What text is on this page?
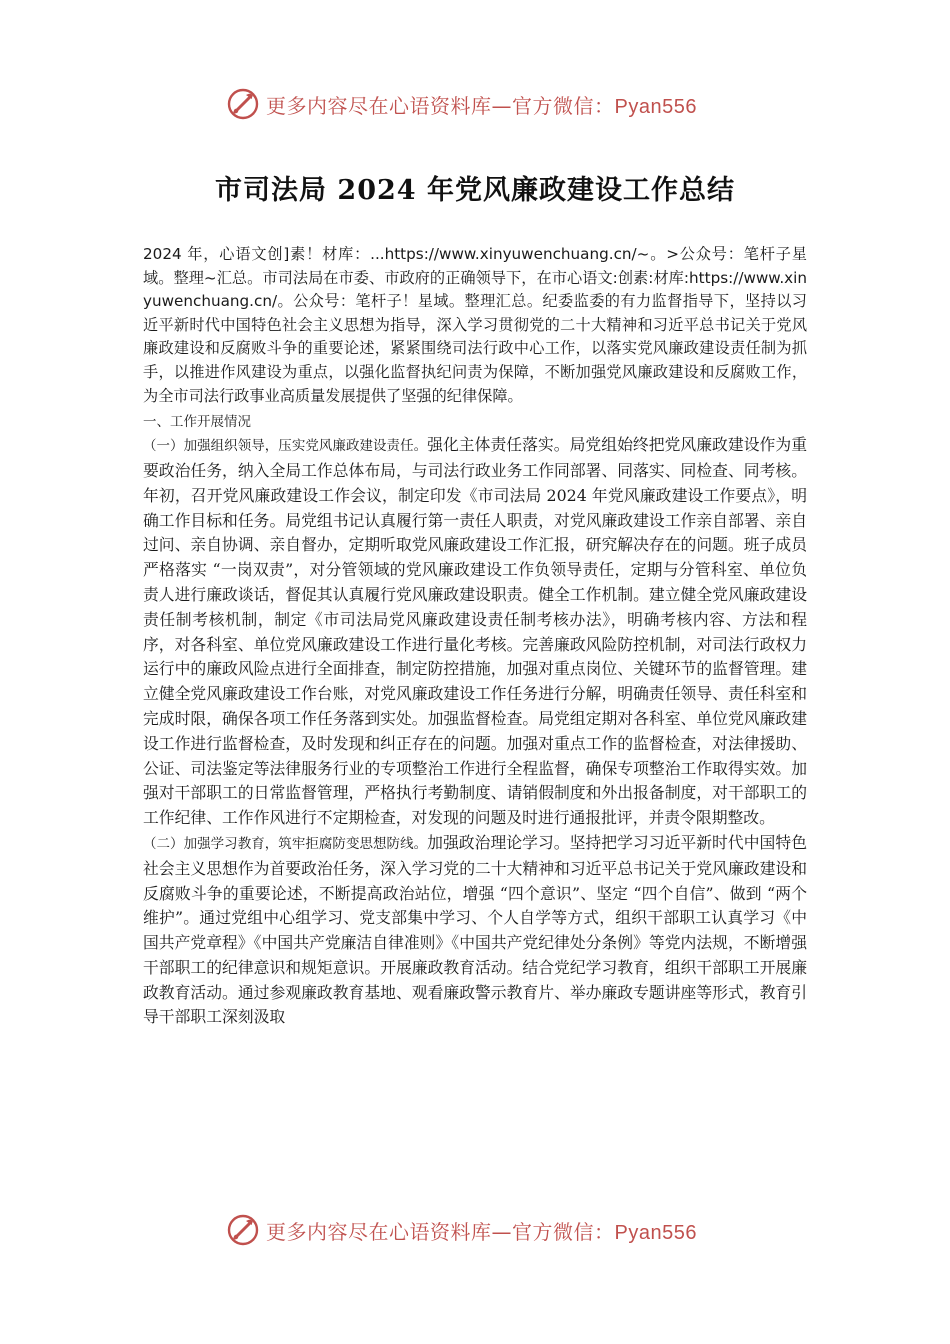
更多内容尽在心语资料库—官方微信：Pyan556
市司法局 2024 年党风廉政建设工作总结

2024 年，心语文创]素！材库：...https://www.xinyuwenchuang.cn/~。>公众号：笔杆子星域。整理~汇总。市司法局在市委、市政府的正确领导下，在市心语文:创素:材库:https://www.xinyuwenchuang.cn/。公众号：笔杆子！星域。整理汇总。纪委监委的有力监督指导下，坚持以习近平新时代中国特色社会主义思想为指导，深入学习贯彻党的二十大精神和习近平总书记关于党风廉政建设和反腐败斗争的重要论述，紧紧围绕司法行政中心工作，以落实党风廉政建设责任制为抓手，以推进作风建设为重点，以强化监督执纪问责为保障，不断加强党风廉政建设和反腐败工作，为全市司法行政事业高质量发展提供了坚强的纪律保障。

一、工作开展情况

（一）加强组织领导，压实党风廉政建设责任。强化主体责任落实。局党组始终把党风廉政建设作为重要政治任务，纳入全局工作总体布局，与司法行政业务工作同部署、同落实、同检查、同考核。年初，召开党风廉政建设工作会议，制定印发《市司法局 2024 年党风廉政建设工作要点》，明确工作目标和任务。局党组书记认真履行第一责任人职责，对党风廉政建设工作亲自部署、亲自过问、亲自协调、亲自督办，定期听取党风廉政建设工作汇报，研究解决存在的问题。班子成员严格落实 “一岗双责”，对分管领域的党风廉政建设工作负领导责任，定期与分管科室、单位负责人进行廉政谈话，督促其认真履行党风廉政建设职责。健全工作机制。建立健全党风廉政建设责任制考核机制，制定《市司法局党风廉政建设责任制考核办法》，明确考核内容、方法和程序，对各科室、单位党风廉政建设工作进行量化考核。完善廉政风险防控机制，对司法行政权力运行中的廉政风险点进行全面排查，制定防控措施，加强对重点岗位、关键环节的监督管理。建立健全党风廉政建设工作台账，对党风廉政建设工作任务进行分解，明确责任领导、责任科室和完成时限，确保各项工作任务落到实处。加强监督检查。局党组定期对各科室、单位党风廉政建设工作进行监督检查，及时发现和纠正存在的问题。加强对重点工作的监督检查，对法律援助、公证、司法鉴定等法律服务行业的专项整治工作进行全程监督，确保专项整治工作取得实效。加强对干部职工的日常监督管理，严格执行考勤制度、请销假制度和外出报备制度，对干部职工的工作纪律、工作作风进行不定期检查，对发现的问题及时进行通报批评，并责令限期整改。

（二）加强学习教育，筑牢拒腐防变思想防线。加强政治理论学习。坚持把学习习近平新时代中国特色社会主义思想作为首要政治任务，深入学习党的二十大精神和习近平总书记关于党风廉政建设和反腐败斗争的重要论述，不断提高政治站位，增强 “四个意识”、坚定 “四个自信”、做到 “两个维护”。通过党组中心组学习、党支部集中学习、个人自学等方式，组织干部职工认真学习《中国共产党章程》《中国共产党廉洁自律准则》《中国共产党纪律处分条例》等党内法规，不断增强干部职工的纪律意识和规矩意识。开展廉政教育活动。结合党纪学习教育，组织干部职工开展廉政教育活动。通过参观廉政教育基地、观看廉政警示教育片、举办廉政专题讲座等形式，教育引导干部职工深刻汲取

更多内容尽在心语资料库—官方微信：Pyan556
